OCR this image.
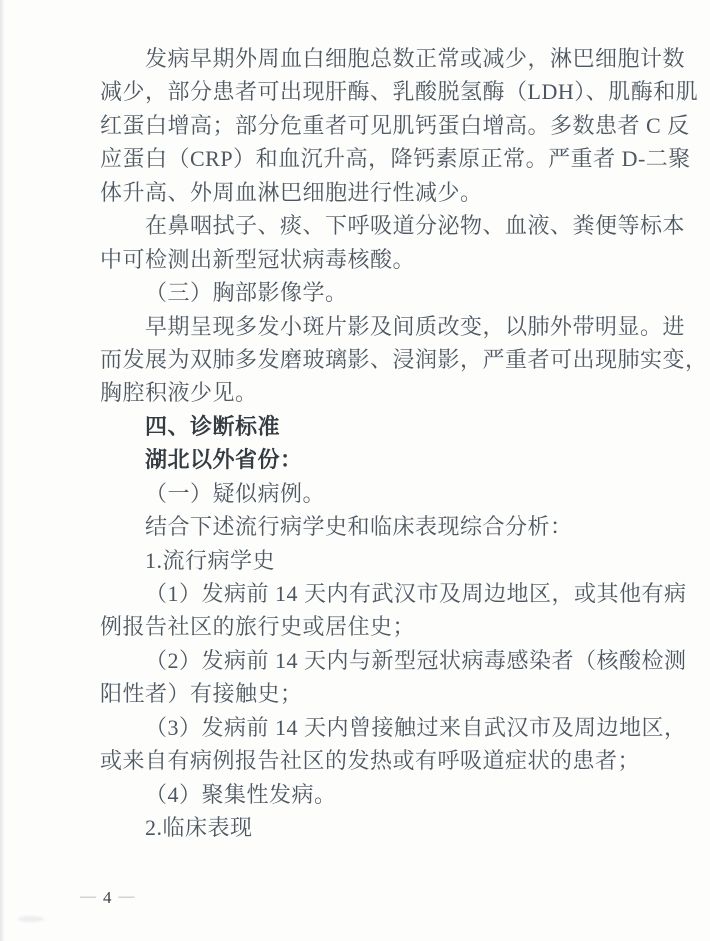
发病早期外周血白细胞总数正常或减少，淋巴细胞计数
减少，部分患者可出现肝酶、乳酸脱氢酶（LDH）、肌酶和肌
红蛋白增高；部分危重者可见肌钙蛋白增高。多数患者 C 反
应蛋白（CRP）和血沉升高，降钙素原正常。严重者 D-二聚
体升高、外周血淋巴细胞进行性减少。
在鼻咽拭子、痰、下呼吸道分泌物、血液、粪便等标本
中可检测出新型冠状病毒核酸。
（三）胸部影像学。
早期呈现多发小斑片影及间质改变，以肺外带明显。进
而发展为双肺多发磨玻璃影、浸润影，严重者可出现肺实变，
胸腔积液少见。
四、诊断标准
湖北以外省份：
（一）疑似病例。
结合下述流行病学史和临床表现综合分析：
1.流行病学史
（1）发病前 14 天内有武汉市及周边地区，或其他有病
例报告社区的旅行史或居住史；
（2）发病前 14 天内与新型冠状病毒感染者（核酸检测
阳性者）有接触史；
（3）发病前 14 天内曾接触过来自武汉市及周边地区，
或来自有病例报告社区的发热或有呼吸道症状的患者；
（4）聚集性发病。
2.临床表现
— 4 —
